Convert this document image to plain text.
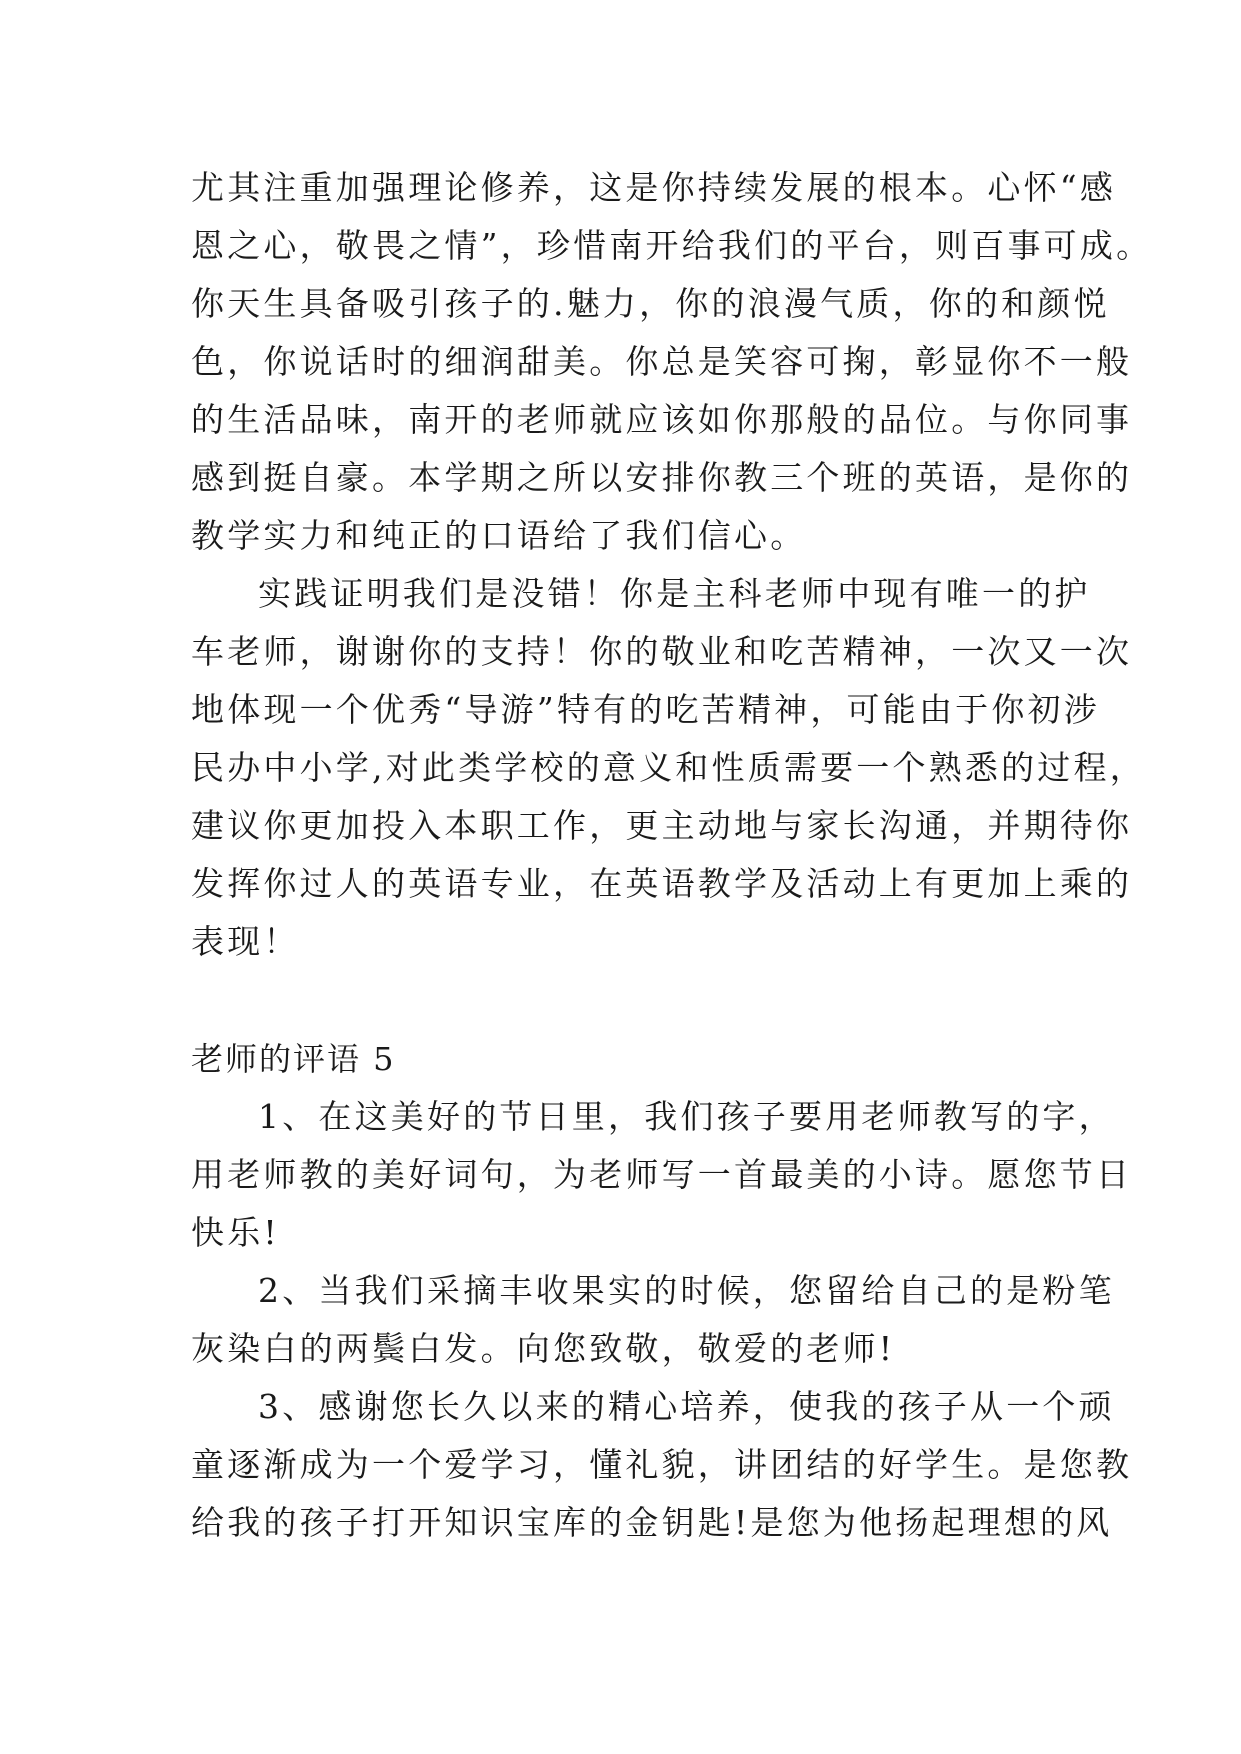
尤其注重加强理论修养，这是你持续发展的根本。心怀“感
恩之心，敬畏之情”，珍惜南开给我们的平台，则百事可成。
你天生具备吸引孩子的.魅力，你的浪漫气质，你的和颜悦
色，你说话时的细润甜美。你总是笑容可掬，彰显你不一般
的生活品味，南开的老师就应该如你那般的品位。与你同事
感到挺自豪。本学期之所以安排你教三个班的英语，是你的
教学实力和纯正的口语给了我们信心。
实践证明我们是没错！你是主科老师中现有唯一的护
车老师，谢谢你的支持！你的敬业和吃苦精神，一次又一次
地体现一个优秀“导游”特有的吃苦精神，可能由于你初涉
民办中小学,对此类学校的意义和性质需要一个熟悉的过程，
建议你更加投入本职工作，更主动地与家长沟通，并期待你
发挥你过人的英语专业，在英语教学及活动上有更加上乘的
表现！
老师的评语 5
1、在这美好的节日里，我们孩子要用老师教写的字，
用老师教的美好词句，为老师写一首最美的小诗。愿您节日
快乐!
2、当我们采摘丰收果实的时候，您留给自己的是粉笔
灰染白的两鬓白发。向您致敬，敬爱的老师!
3、感谢您长久以来的精心培养，使我的孩子从一个顽
童逐渐成为一个爱学习，懂礼貌，讲团结的好学生。是您教
给我的孩子打开知识宝库的金钥匙!是您为他扬起理想的风
